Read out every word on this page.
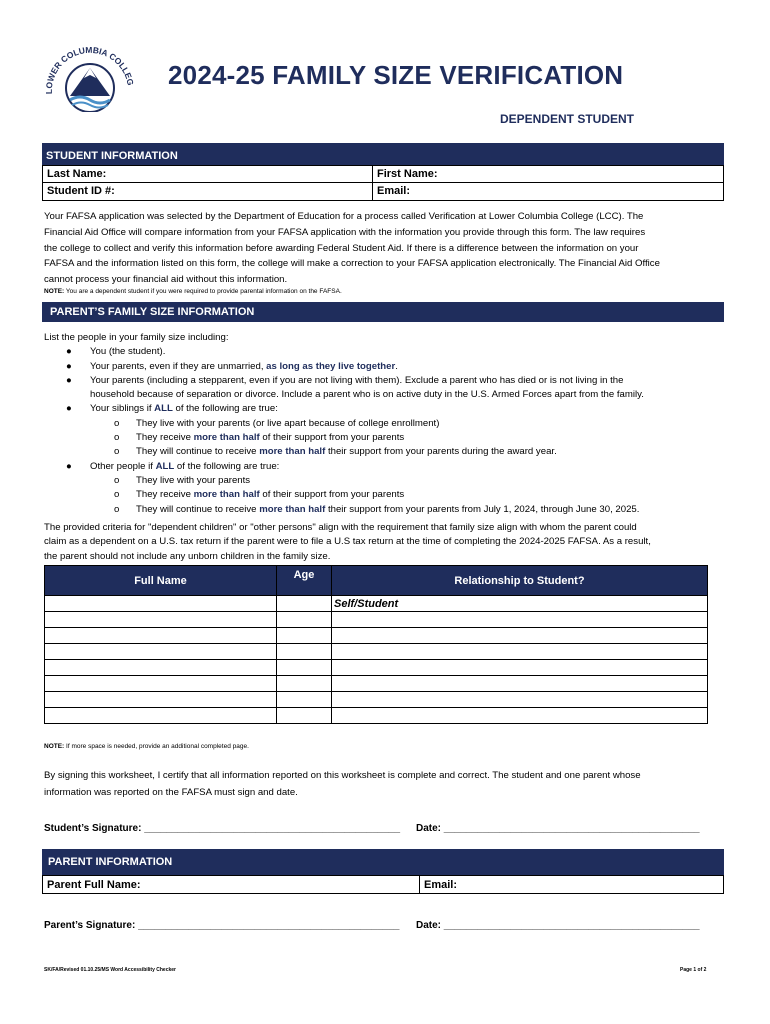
LOWER COLUMBIA COLLEG 2024-25 FAMILY SIZE VERIFICATION
DEPENDENT STUDENT
STUDENT INFORMATION
Last Name:	First Name:
Student ID #:	Email:
Your FAFSA application was selected by the Department of Education for a process called Verification at Lower Columbia College (LCC). The
Financial Aid Office will compare information from your FAFSA application with the information you provide through this form. The law requires
the college to collect and verify this information before awarding Federal Student Aid. If there is a difference between the information on your
FAFSA and the information listed on this form, the college will make a correction to your FAFSA application electronically. The Financial Aid Office
cannot process your financial aid without this information.
NOTE: You are a dependent student if you were required to provide parental information on the FAFSA.
PARENT’S FAMILY SIZE INFORMATION
List the people in your family size including:
● You (the student).
● Your parents, even if they are unmarried, as long as they live together.
● Your parents (including a stepparent, even if you are not living with them). Exclude a parent who has died or is not living in the
household because of separation or divorce. Include a parent who is on active duty in the U.S. Armed Forces apart from the family.
● Your siblings if ALL of the following are true:
o They live with your parents (or live apart because of college enrollment)
o They receive more than half of their support from your parents
o They will continue to receive more than half their support from your parents during the award year.
● Other people if ALL of the following are true:
o They live with your parents
o They receive more than half of their support from your parents
o They will continue to receive more than half their support from your parents from July 1, 2024, through June 30, 2025.
The provided criteria for "dependent children" or "other persons" align with the requirement that family size align with whom the parent could
claim as a dependent on a U.S. tax return if the parent were to file a U.S tax return at the time of completing the 2024-2025 FAFSA. As a result,
the parent should not include any unborn children in the family size.
Full Name	Age	Relationship to Student?
		Self/Student

NOTE: If more space is needed, provide an additional completed page.
By signing this worksheet, I certify that all information reported on this worksheet is complete and correct. The student and one parent whose
information was reported on the FAFSA must sign and date.
Student’s Signature: ______________________________________________ Date: ______________________________________________
PARENT INFORMATION
Parent Full Name:	Email:
Parent’s Signature: _______________________________________________ Date: ______________________________________________
SK/FA/Revised 01.10.25/MS Word Accessibility Checker	Page 1 of 2
